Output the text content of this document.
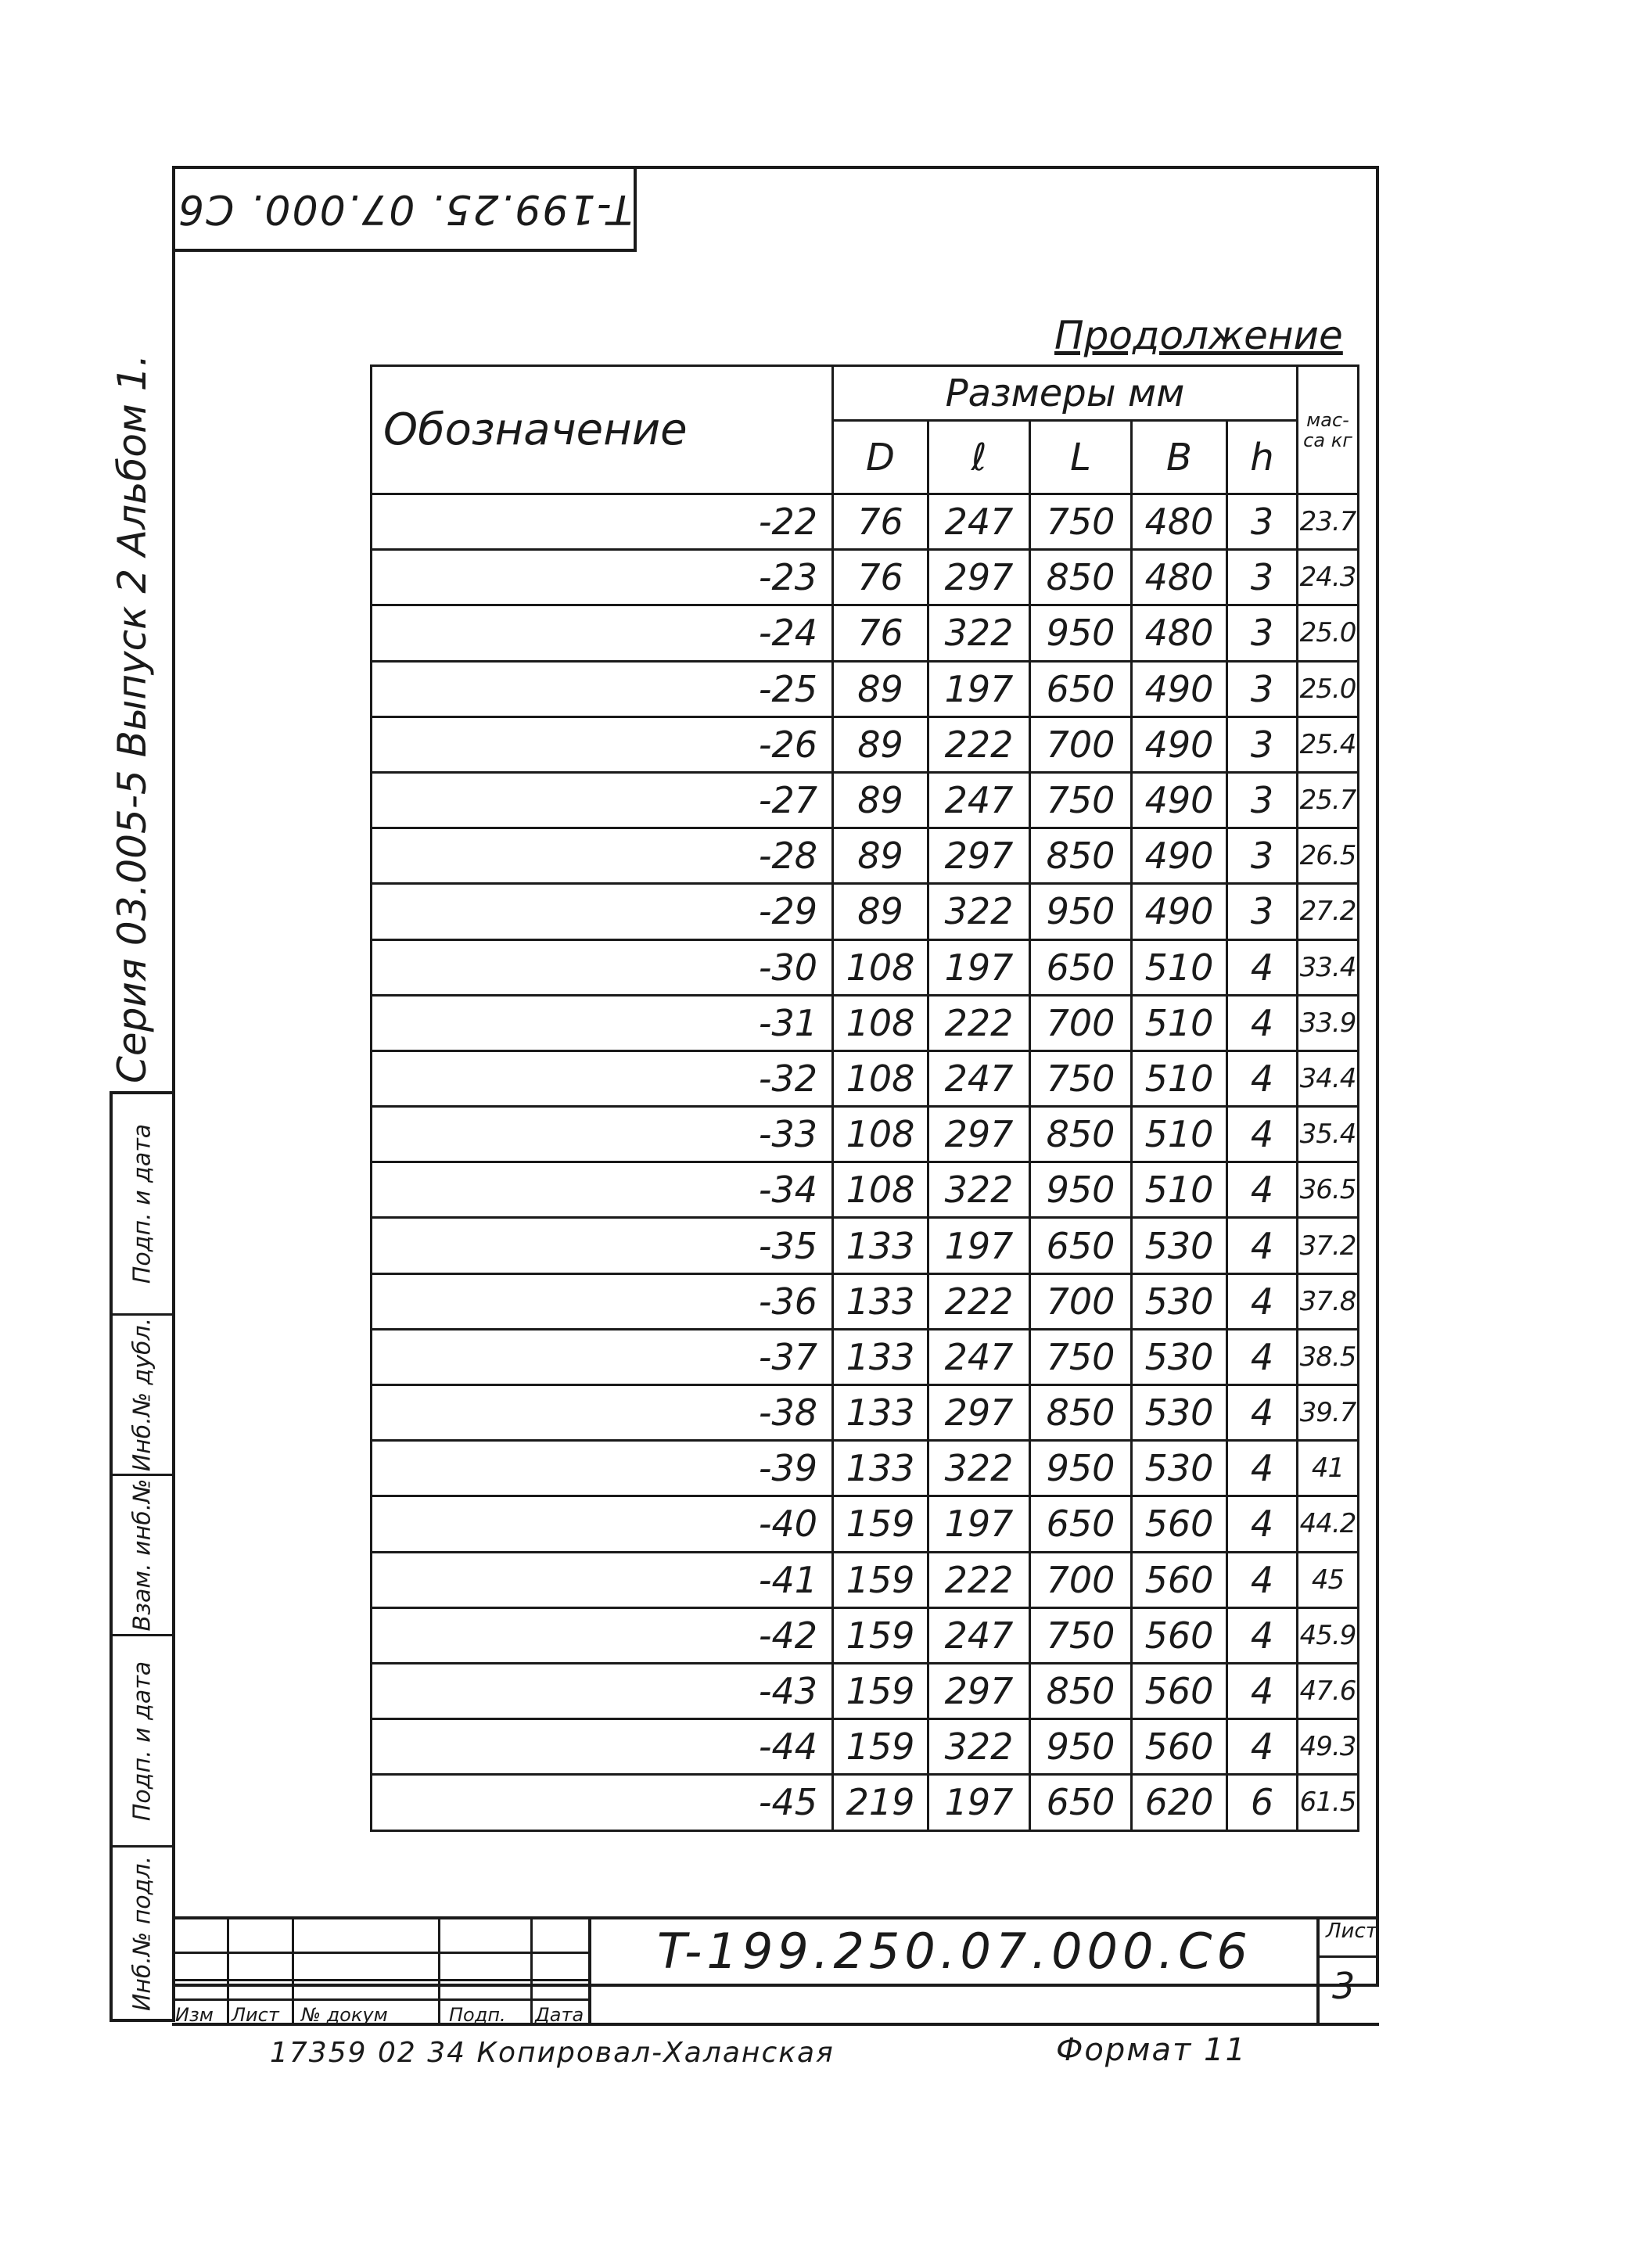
T-199.25. 07.000. C6
Серия 03.005-5 Выпуск 2 Альбом 1.
Подп. и дата
Инб.№ дубл.
Взам. инб.№
Подп. и дата
Инб.№ подл.
Продолжение
Обозначение	Размеры мм					мас-са кг
	D	ℓ	L	B	h	
-22	76	247	750	480	3	23.7
-23	76	297	850	480	3	24.3
-24	76	322	950	480	3	25.0
-25	89	197	650	490	3	25.0
-26	89	222	700	490	3	25.4
-27	89	247	750	490	3	25.7
-28	89	297	850	490	3	26.5
-29	89	322	950	490	3	27.2
-30	108	197	650	510	4	33.4
-31	108	222	700	510	4	33.9
-32	108	247	750	510	4	34.4
-33	108	297	850	510	4	35.4
-34	108	322	950	510	4	36.5
-35	133	197	650	530	4	37.2
-36	133	222	700	530	4	37.8
-37	133	247	750	530	4	38.5
-38	133	297	850	530	4	39.7
-39	133	322	950	530	4	41
-40	159	197	650	560	4	44.2
-41	159	222	700	560	4	45
-42	159	247	750	560	4	45.9
-43	159	297	850	560	4	47.6
-44	159	322	950	560	4	49.3
-45	219	197	650	620	6	61.5
T-199.250.07.000.C6	Лист
3
Изм Лист № докум	Подп. Дата
17359 02 34 Копировал-Халанская	Формат 11
